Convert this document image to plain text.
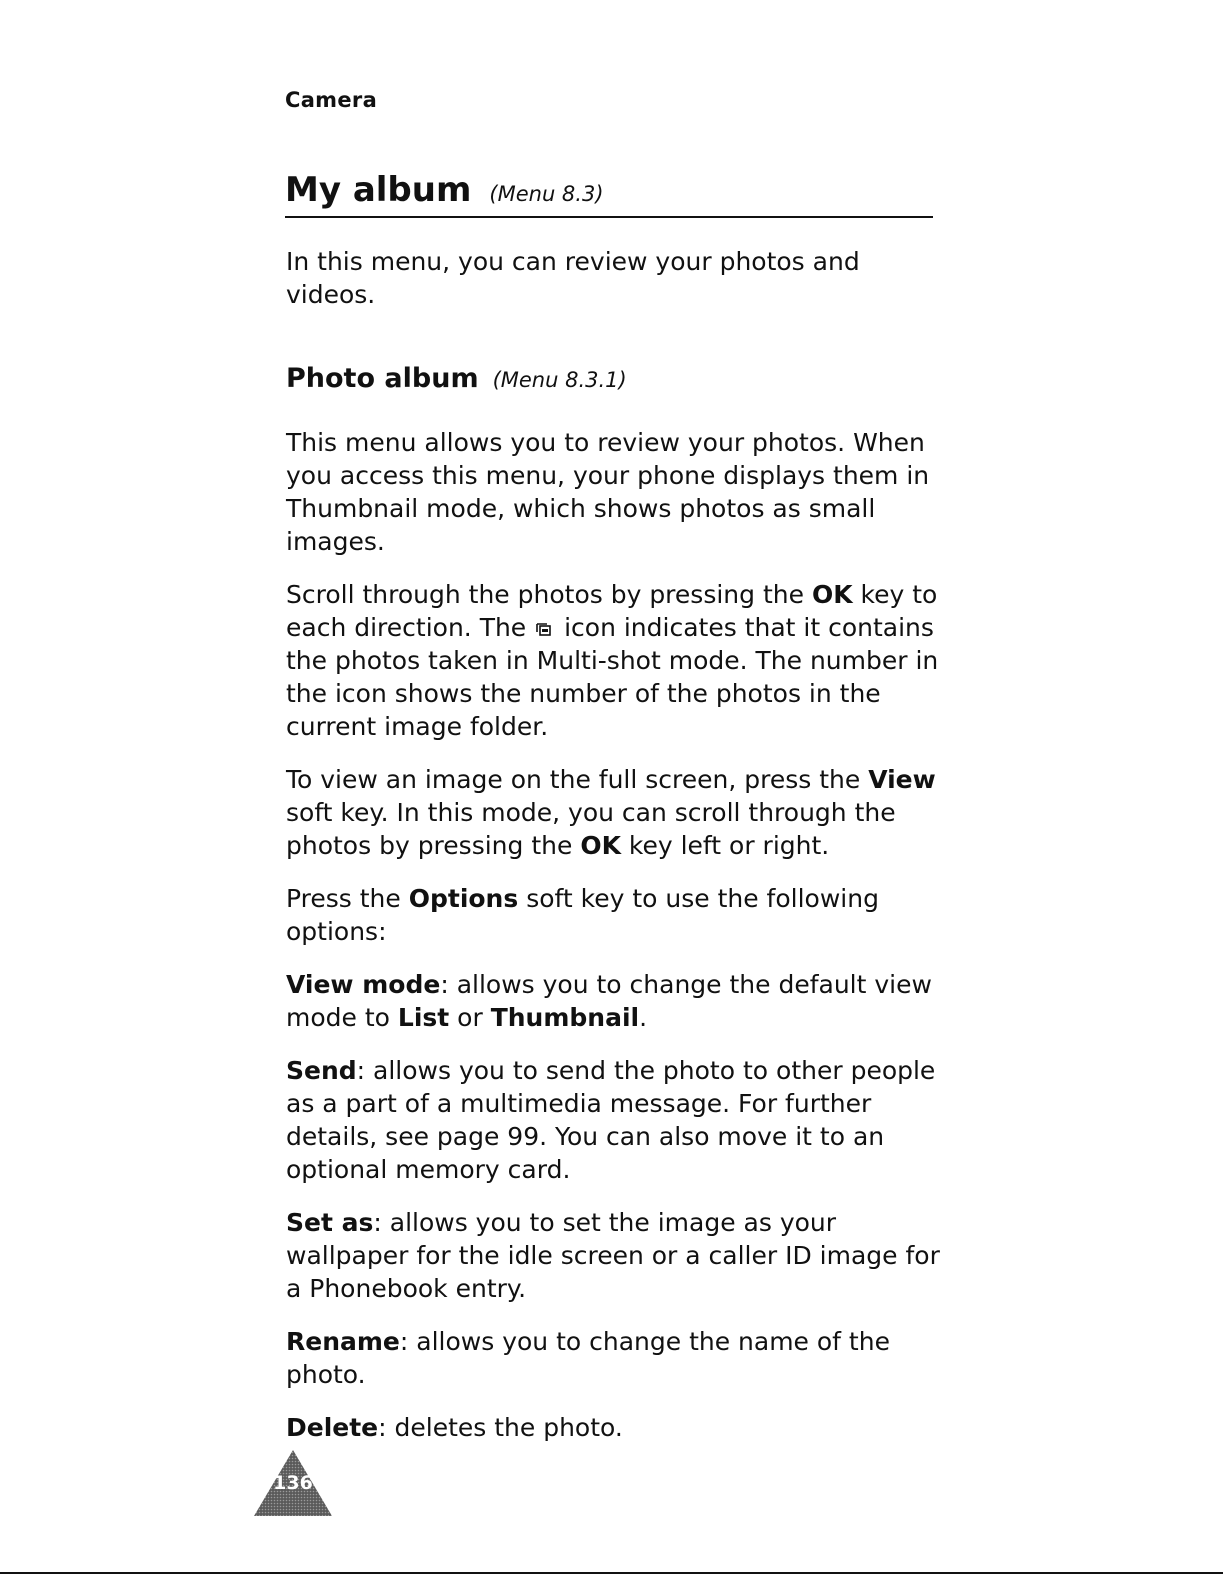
Camera
My album (Menu 8.3)

In this menu, you can review your photos and videos.

Photo album (Menu 8.3.1)

This menu allows you to review your photos. When you access this menu, your phone displays them in Thumbnail mode, which shows photos as small images.

Scroll through the photos by pressing the OK key to each direction. The  icon indicates that it contains the photos taken in Multi-shot mode. The number in the icon shows the number of the photos in the current image folder.

To view an image on the full screen, press the View soft key. In this mode, you can scroll through the photos by pressing the OK key left or right.

Press the Options soft key to use the following options:

View mode: allows you to change the default view mode to List or Thumbnail.

Send: allows you to send the photo to other people as a part of a multimedia message. For further details, see page 99. You can also move it to an optional memory card.

Set as: allows you to set the image as your wallpaper for the idle screen or a caller ID image for a Phonebook entry.

Rename: allows you to change the name of the photo.

Delete: deletes the photo.

136
